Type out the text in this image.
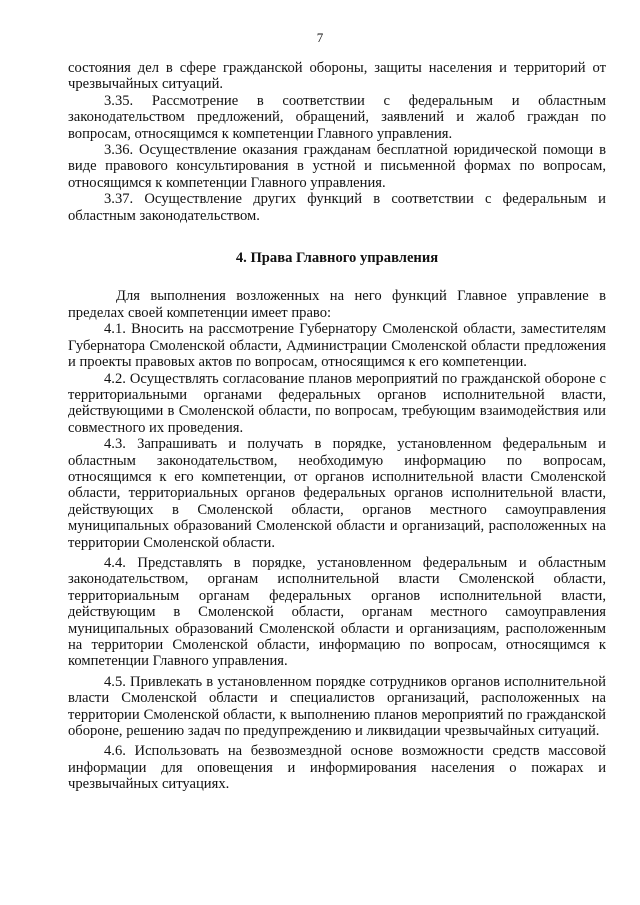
7

состояния дел в сфере гражданской обороны, защиты населения и территорий от чрезвычайных ситуаций.

3.35. Рассмотрение в соответствии с федеральным и областным законодательством предложений, обращений, заявлений и жалоб граждан по вопросам, относящимся к компетенции Главного управления.

3.36. Осуществление оказания гражданам бесплатной юридической помощи в виде правового консультирования в устной и письменной формах по вопросам, относящимся к компетенции Главного управления.

3.37. Осуществление других функций в соответствии с федеральным и областным законодательством.

4. Права Главного управления

Для выполнения возложенных на него функций Главное управление в пределах своей компетенции имеет право:

4.1. Вносить на рассмотрение Губернатору Смоленской области, заместителям Губернатора Смоленской области, Администрации Смоленской области предложения и проекты правовых актов по вопросам, относящимся к его компетенции.

4.2. Осуществлять согласование планов мероприятий по гражданской обороне с территориальными органами федеральных органов исполнительной власти, действующими в Смоленской области, по вопросам, требующим взаимодействия или совместного их проведения.

4.3. Запрашивать и получать в порядке, установленном федеральным и областным законодательством, необходимую информацию по вопросам, относящимся к его компетенции, от органов исполнительной власти Смоленской области, территориальных органов федеральных органов исполнительной власти, действующих в Смоленской области, органов местного самоуправления муниципальных образований Смоленской области и организаций, расположенных на территории Смоленской области.

4.4. Представлять в порядке, установленном федеральным и областным законодательством, органам исполнительной власти Смоленской области, территориальным органам федеральных органов исполнительной власти, действующим в Смоленской области, органам местного самоуправления муниципальных образований Смоленской области и организациям, расположенным на территории Смоленской области, информацию по вопросам, относящимся к компетенции Главного управления.

4.5. Привлекать в установленном порядке сотрудников органов исполнительной власти Смоленской области и специалистов организаций, расположенных на территории Смоленской области, к выполнению планов мероприятий по гражданской обороне, решению задач по предупреждению и ликвидации чрезвычайных ситуаций.

4.6. Использовать на безвозмездной основе возможности средств массовой информации для оповещения и информирования населения о пожарах и чрезвычайных ситуациях.
